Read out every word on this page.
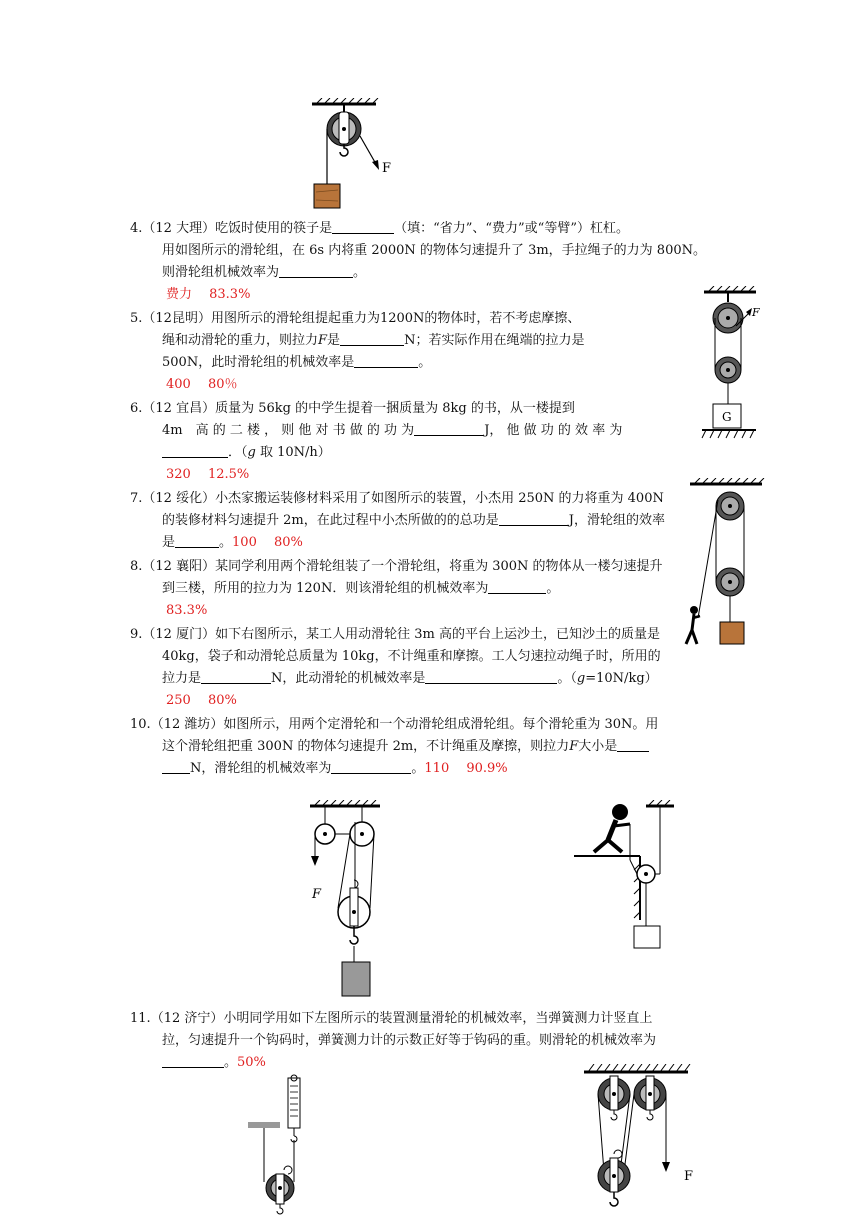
F
F
G
4.（12 大理）吃饭时使用的筷子是	（填：“省力”、“费力”或“等臂”）杠杠。
用如图所示的滑轮组，在 6s 内将重 2000N 的物体匀速提升了 3m，手拉绳子的力为 800N。
则滑轮组机械效率为	。
费力　 83.3%
5.（12昆明）用图所示的滑轮组提起重力为1200N的物体时，若不考虑摩擦、
绳和动滑轮的重力，则拉力F是	N；若实际作用在绳端的拉力是
500N，此时滑轮组的机械效率是	。
400　 80％
6.（12 宜昌）质量为 56kg 的中学生提着一捆质量为 8kg 的书，从一楼提到
4m　高 的 二 楼 ， 则 他 对 书 做 的 功 为	J， 他 做 功 的 效 率 为
．（g 取 10N/h）
320　 12.5%
7.（12 绥化）小杰家搬运装修材料采用了如图所示的装置，小杰用 250N 的力将重为 400N
的装修材料匀速提升 2m，在此过程中小杰所做的的总功是	J，滑轮组的效率
是	。100　 80%
8.（12 襄阳）某同学利用两个滑轮组装了一个滑轮组，将重为 300N 的物体从一楼匀速提升
到三楼，所用的拉力为 120N．则该滑轮组的机械效率为	。
83.3%
9.（12 厦门）如下右图所示，某工人用动滑轮往 3m 高的平台上运沙土，已知沙土的质量是
40kg，袋子和动滑轮总质量为 10kg，不计绳重和摩擦。工人匀速拉动绳子时，所用的
拉力是	N，此动滑轮的机械效率是	。（g=10N/kg）
250　 80%
10.（12 潍坊）如图所示，用两个定滑轮和一个动滑轮组成滑轮组。每个滑轮重为 30N。用
这个滑轮组把重 300N 的物体匀速提升 2m，不计绳重及摩擦，则拉力F大小是
N，滑轮组的机械效率为	。110　 90.9%
F
11.（12 济宁）小明同学用如下左图所示的装置测量滑轮的机械效率，当弹簧测力计竖直上
拉，匀速提升一个钩码时，弹簧测力计的示数正好等于钩码的重。则滑轮的机械效率为
。50%
F
